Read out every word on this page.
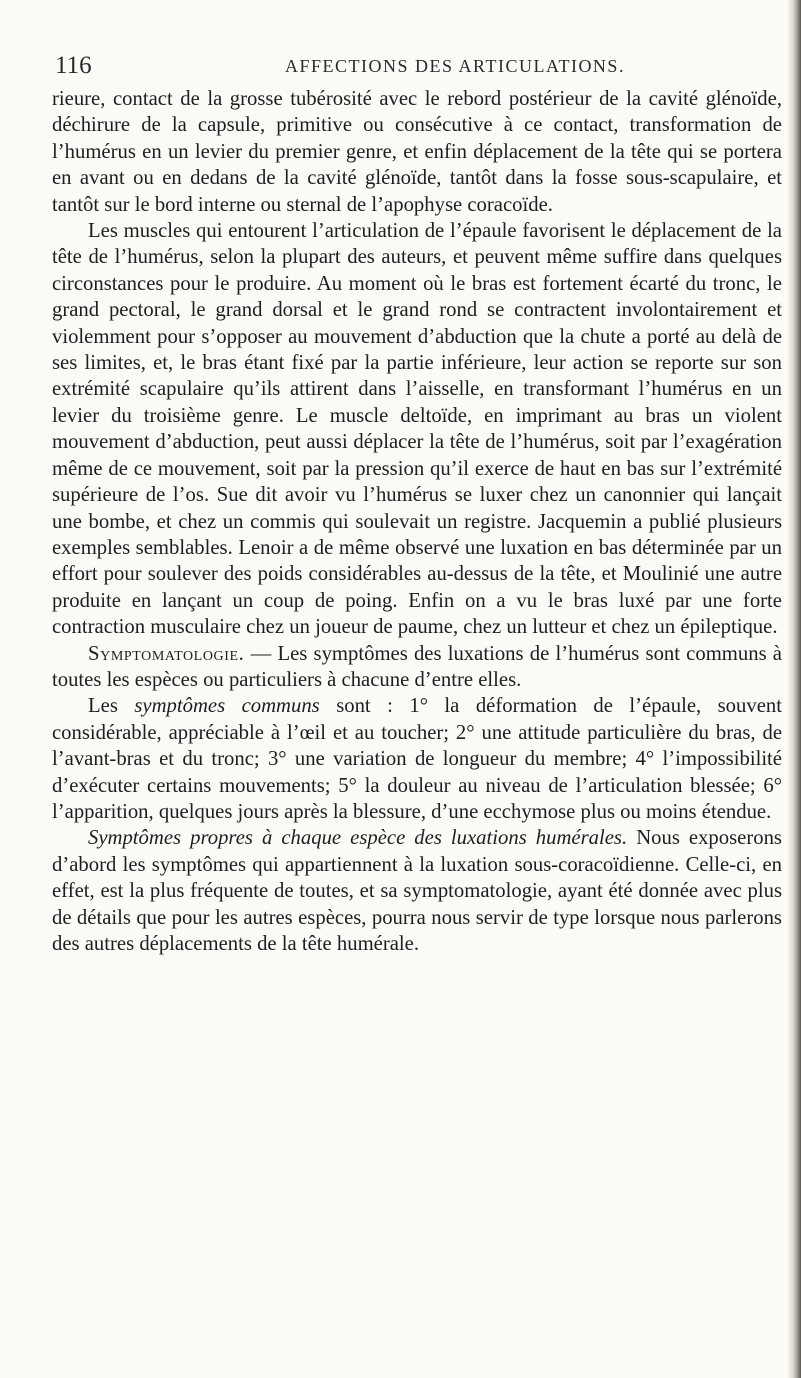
116	AFFECTIONS DES ARTICULATIONS.

rieure, contact de la grosse tubérosité avec le rebord postérieur de la cavité glénoïde, déchirure de la capsule, primitive ou consécutive à ce contact, transformation de l’humérus en un levier du premier genre, et enfin déplacement de la tête qui se portera en avant ou en dedans de la cavité glénoïde, tantôt dans la fosse sous-scapulaire, et tantôt sur le bord interne ou sternal de l’apophyse coracoïde.

Les muscles qui entourent l’articulation de l’épaule favorisent le déplacement de la tête de l’humérus, selon la plupart des auteurs, et peuvent même suffire dans quelques circonstances pour le produire. Au moment où le bras est fortement écarté du tronc, le grand pectoral, le grand dorsal et le grand rond se contractent involontairement et violemment pour s’opposer au mouvement d’abduction que la chute a porté au delà de ses limites, et, le bras étant fixé par la partie inférieure, leur action se reporte sur son extrémité scapulaire qu’ils attirent dans l’aisselle, en transformant l’humérus en un levier du troisième genre. Le muscle deltoïde, en imprimant au bras un violent mouvement d’abduction, peut aussi déplacer la tête de l’humérus, soit par l’exagération même de ce mouvement, soit par la pression qu’il exerce de haut en bas sur l’extrémité supérieure de l’os. Sue dit avoir vu l’humérus se luxer chez un canonnier qui lançait une bombe, et chez un commis qui soulevait un registre. Jacquemin a publié plusieurs exemples semblables. Lenoir a de même observé une luxation en bas déterminée par un effort pour soulever des poids considérables au-dessus de la tête, et Moulinié une autre produite en lançant un coup de poing. Enfin on a vu le bras luxé par une forte contraction musculaire chez un joueur de paume, chez un lutteur et chez un épileptique.

Symptomatologie. — Les symptômes des luxations de l’humérus sont communs à toutes les espèces ou particuliers à chacune d’entre elles.

Les symptômes communs sont : 1° la déformation de l’épaule, souvent considérable, appréciable à l’œil et au toucher; 2° une attitude particulière du bras, de l’avant-bras et du tronc; 3° une variation de longueur du membre; 4° l’impossibilité d’exécuter certains mouvements; 5° la douleur au niveau de l’articulation blessée; 6° l’apparition, quelques jours après la blessure, d’une ecchymose plus ou moins étendue.

Symptômes propres à chaque espèce des luxations humérales. Nous exposerons d’abord les symptômes qui appartiennent à la luxation sous-coracoïdienne. Celle-ci, en effet, est la plus fréquente de toutes, et sa symptomatologie, ayant été donnée avec plus de détails que pour les autres espèces, pourra nous servir de type lorsque nous parlerons des autres déplacements de la tête humérale.
